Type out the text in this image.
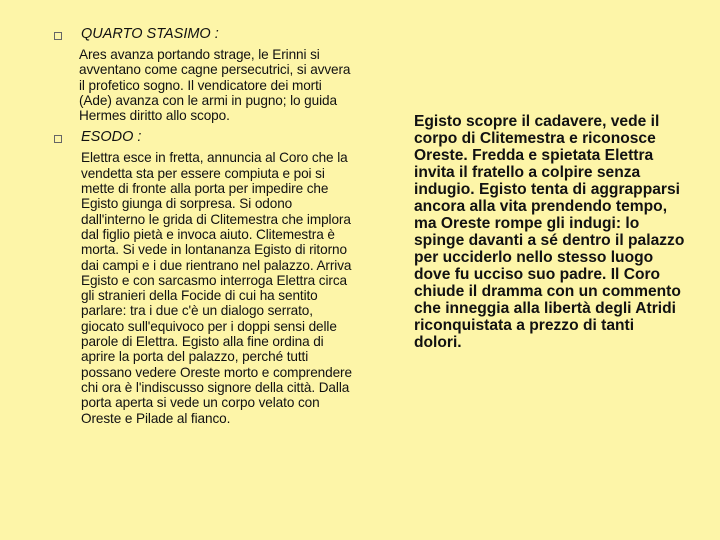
QUARTO STASIMO :

Ares avanza portando strage, le Erinni si avventano come cagne persecutrici, si avvera il profetico sogno. Il vendicatore dei morti (Ade) avanza con le armi in pugno; lo guida Hermes diritto allo scopo.

ESODO :

Elettra esce in fretta, annuncia al Coro che la vendetta sta per essere compiuta e poi si mette di fronte alla porta per impedire che Egisto giunga di sorpresa. Si odono dall'interno le grida di Clitemestra che implora dal figlio pietà e invoca aiuto. Clitemestra è morta. Si vede in lontananza Egisto di ritorno dai campi e i due rientrano nel palazzo. Arriva Egisto e con sarcasmo interroga Elettra circa gli stranieri della Focide di cui ha sentito parlare: tra i due c'è un dialogo serrato, giocato sull'equivoco per i doppi sensi delle parole di Elettra. Egisto alla fine ordina di aprire la porta del palazzo, perché tutti possano vedere Oreste morto e comprendere chi ora è l'indiscusso signore della città. Dalla porta aperta si vede un corpo velato con Oreste e Pilade al fianco.

Egisto scopre il cadavere, vede il corpo di Clitemestra e riconosce Oreste. Fredda e spietata Elettra invita il fratello a colpire senza indugio. Egisto tenta di aggrapparsi ancora alla vita prendendo tempo, ma Oreste rompe gli indugi: lo spinge davanti a sé dentro il palazzo per ucciderlo nello stesso luogo dove fu ucciso suo padre. Il Coro chiude il dramma con un commento che inneggia alla libertà degli Atridi riconquistata a prezzo di tanti dolori.
